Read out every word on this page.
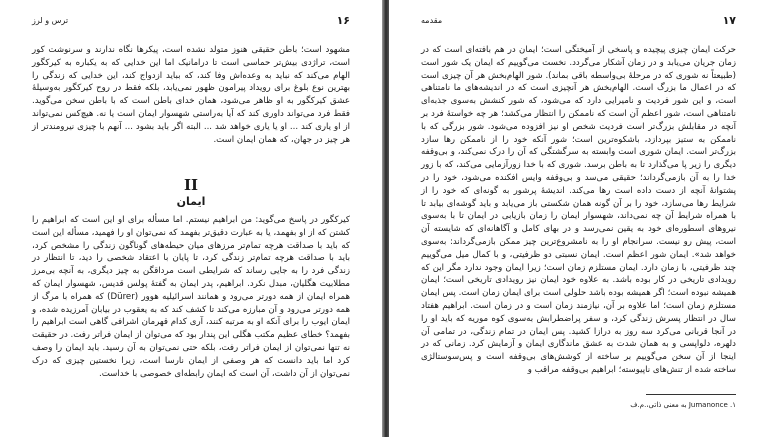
۱۶
ترس و لرز

مشهود است؛ باطن حقیقی هنوز متولد نشده است، پیکرها نگاه ندارند و سرنوشت کور است، تراژدی بیش‌تر حماسی است تا درامانیک اما این خدایی که به یکباره به کیرکگور الهام می‌کند که نباید به وعده‌اش وفا کند، که بباید ازدواج کند، این خدایی که زندگی را بهترین نوع بلوغ برای رویداد پیرامون ظهور نمی‌یابد، بلکه فقط در روح کیرکگور به‌وسیلهٔ عشق کیرکگور به او ظاهر می‌شود، همان خدای باطن است که با باطن سخن می‌گوید. فقط فرد می‌تواند داوری کند که آیا به‌راستی شهسوار ایمان است یا نه. هیچ‌کس نمی‌تواند از او یاری کند ... او یا یاری خواهد شد ... البته اگر باید بشود ... آنهم با چیزی نیرومندتر از هر چیز در جهان، که همان ایمان است.

II
ایمان

کیرکگور در پاسخ می‌گوید: من ابراهیم نیستم. اما مسأله برای او این است که ابراهیم را کشتن که از او بفهمد، یا به عبارت دقیق‌تر بفهمد که نمی‌توان او را فهمید، مسأله این است که باید با صداقت هرچه تمام‌تر مرزهای میان حیطه‌های گوناگون زندگی را مشخص کرد، باید با صداقت هرچه تمام‌تر زندگی کرد، تا پایان با اعتقاد شخصی را دید، تا انتظار در زندگی فرد را به جایی رساند که شرایطی است مرداقگن به چیز دیگری، به آنچه بی‌مرز مطلابیت هگلیان، مبدل نکرد. ابراهیم، پدر ایمان به گفتهٔ پولس قدیس، شهسوار ایمان که همراه ایمان از همه دورتر می‌رود و همانند اسرائیلیه هوور (Dürer) که همراه با مرگ از همه دورتر می‌رود و آن مبارزه می‌کند تا کشف کند که به یعقوب در بیابان آمرزیده شده، و ایمان ایوب را برای آنکه او به مرتبه کنند، آری کدام قهرمان اشرافی گاهی است ابراهیم را بفهمد؟ خطای عظیم مکتب هگلی این پندار بود که می‌توان از ایمان فراتر رفت. در حقیقت نه تنها نمی‌توان از ایمان فراتر رفت، بلکه حتی نمی‌توان به آن رسید. باید ایمان را وصف کرد اما باید دانست که هر وصفی از ایمان نارسا است، زیرا نخستین چیزی که درک نمی‌توان از آن داشت، آن است که ایمان رابطه‌ای خصوصی با خداست.

۱۷
مقدمه

حرکت ایمان چیزی پیچیده و پاسخی از آمیختگی است؛ ایمان در هم بافته‌ای است که در زمان جریان می‌یابد و در زمان آشکار می‌گردد. نخست می‌گوییم که ایمان یک شور است (طبیعتاً نه شوری که در مرحلهٔ بی‌واسطه باقی بماند). شور الهام‌بخش هر آن چیزی است که در اعمال ما بزرگ است. الهام‌بخش هر آنچیزی است که در اندیشه‌های ما نامتناهی است، و این شور فردیت و نامیرایی دارد که می‌شود، که شور کنشش به‌سوی جذبه‌ای نامتناهی است، شور اعظم آن است که ناممکن را انتظار می‌کشد؛ هر چه خواستهٔ فرد بر آنچه در مقابلش بزرگ‌تر است فردیت شخص او نیز افزوده می‌شود. شور بزرگی که با ناممکن به ستیز بپردازد، باشکوه‌ترین است؛ شور آنکه خود را از ناممکن رها سازد بزرگ‌تر است. ایمان شوری است وابسته به سرگشتگی که آن را درک نمی‌کند، و بی‌وقفه دیگری را زیر پا می‌گذارد تا به باطن برسد. شوری که با خدا زورآزمایی می‌کند، که با زور خدا را به آن بازمی‌گرداند؛ حقیقی می‌سد و بی‌وقفه وایس افکنده می‌شود، خود را در پشتوانهٔ آنچه از دست داده است رها می‌کند. اندیشهٔ پرشور به گونه‌ای که خود را از شرایط رها می‌سازد، خود را بر آن گونه همان شکستی باز می‌یابد و باید گوشه‌ای بیابد تا با همراه شرایط آن چه نمی‌داند، شهسوار ایمان را زمان بازیابی در ایمان تا با به‌سوی نیروهای اسطوره‌ای خود به یقین نمی‌رسد و در بهای کامل و آگاهانه‌ای که شایسته آن است، پیش رو نیست. سرانجام او را به نامشروع‌ترین چیز ممکن بازمی‌گرداند: به‌سوی خواهد شد». ایمان شور اعظم است. ایمان نسبتی دو ظرفیتی، و با کمال میل می‌گوییم چند ظرفیتی، با زمان دارد. ایمان مستلزم زمان است؛ زیرا ایمان وجود ندارد مگر این که رویدادی تاریخی در کار بوده باشد. به علاوه خود ایمان نیز رویدادی تاریخی است؛ ایمان همیشه نبوده است؛ اگر همیشه بوده باشد حلولی است برای ایمان زمان است. پس ایمان مستلزم زمان است؛ اما علاوه بر آن، نیازمند زمان است و در زمان است. ابراهیم هفتاد سال در انتظار پسرش زندگی کرد، و سفر پراضطرابش به‌سوی کوه موریه که باید او را در آنجا قربانی می‌کرد سه روز به درازا کشید. پس ایمان در تمام زندگی، در تمامی آن دلهره، دلواپسی و به همان شدت به عشق ماندگاری ایمان و آزمایش کرد. زمانی که در اینجا از آن سخن می‌گوییم بر ساخته از کوشش‌های بی‌وقفه است و پس‌سوستالژی ساخته شده از تنش‌های ناپیوسته؛ ابراهیم بی‌وقفه مراقب و

۱. Jumanonce به معنی ذاتی،.م.ف
